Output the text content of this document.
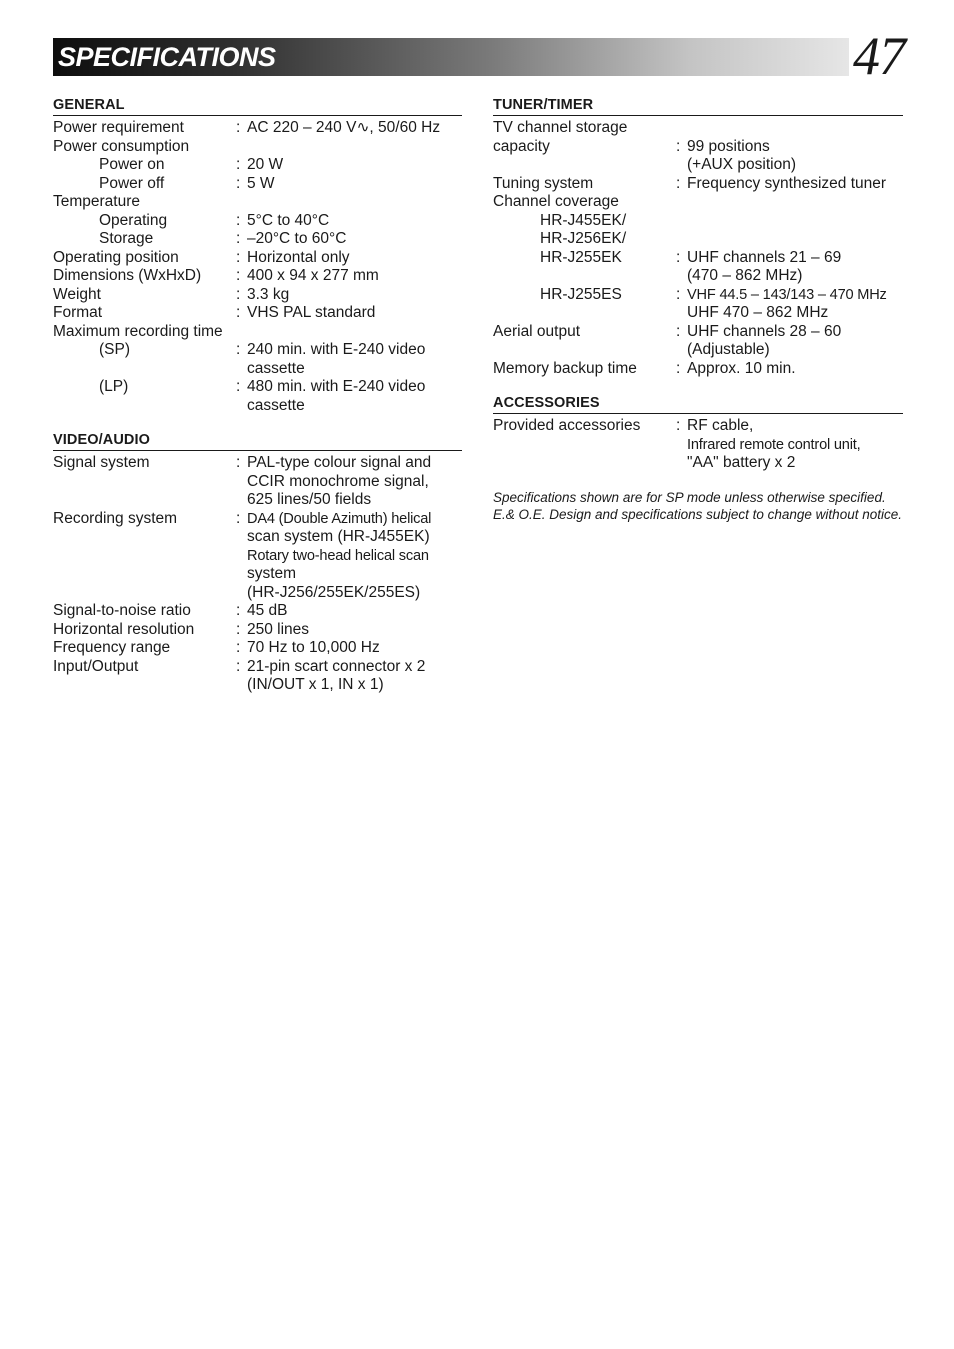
SPECIFICATIONS	47
GENERAL
Power requirement	: AC 220 – 240 V∿, 50/60 Hz
Power consumption
Power on	: 20 W
Power off	: 5 W
Temperature
Operating	: 5°C to 40°C
Storage	: –20°C to 60°C
Operating position	: Horizontal only
Dimensions (WxHxD)	: 400 x 94 x 277 mm
Weight	: 3.3 kg
Format	: VHS PAL standard
Maximum recording time
(SP)	: 240 min. with E-240 video
cassette
(LP)	: 480 min. with E-240 video
cassette
VIDEO/AUDIO
Signal system	: PAL-type colour signal and
CCIR monochrome signal,
625 lines/50 fields
Recording system	: DA4 (Double Azimuth) helical
scan system (HR-J455EK)
Rotary two-head helical scan
system
(HR-J256/255EK/255ES)
Signal-to-noise ratio	: 45 dB
Horizontal resolution	: 250 lines
Frequency range	: 70 Hz to 10,000 Hz
Input/Output	: 21-pin scart connector x 2
(IN/OUT x 1, IN x 1)
TUNER/TIMER
TV channel storage
capacity	: 99 positions
(+AUX position)
Tuning system	: Frequency synthesized tuner
Channel coverage
HR-J455EK/
HR-J256EK/
HR-J255EK	: UHF channels 21 – 69
(470 – 862 MHz)
HR-J255ES	: VHF 44.5 – 143/143 – 470 MHz
UHF 470 – 862 MHz
Aerial output	: UHF channels 28 – 60
(Adjustable)
Memory backup time	: Approx. 10 min.
ACCESSORIES
Provided accessories	: RF cable,
Infrared remote control unit,
"AA" battery x 2
Specifications shown are for SP mode unless otherwise specified.
E.& O.E. Design and specifications subject to change without notice.
